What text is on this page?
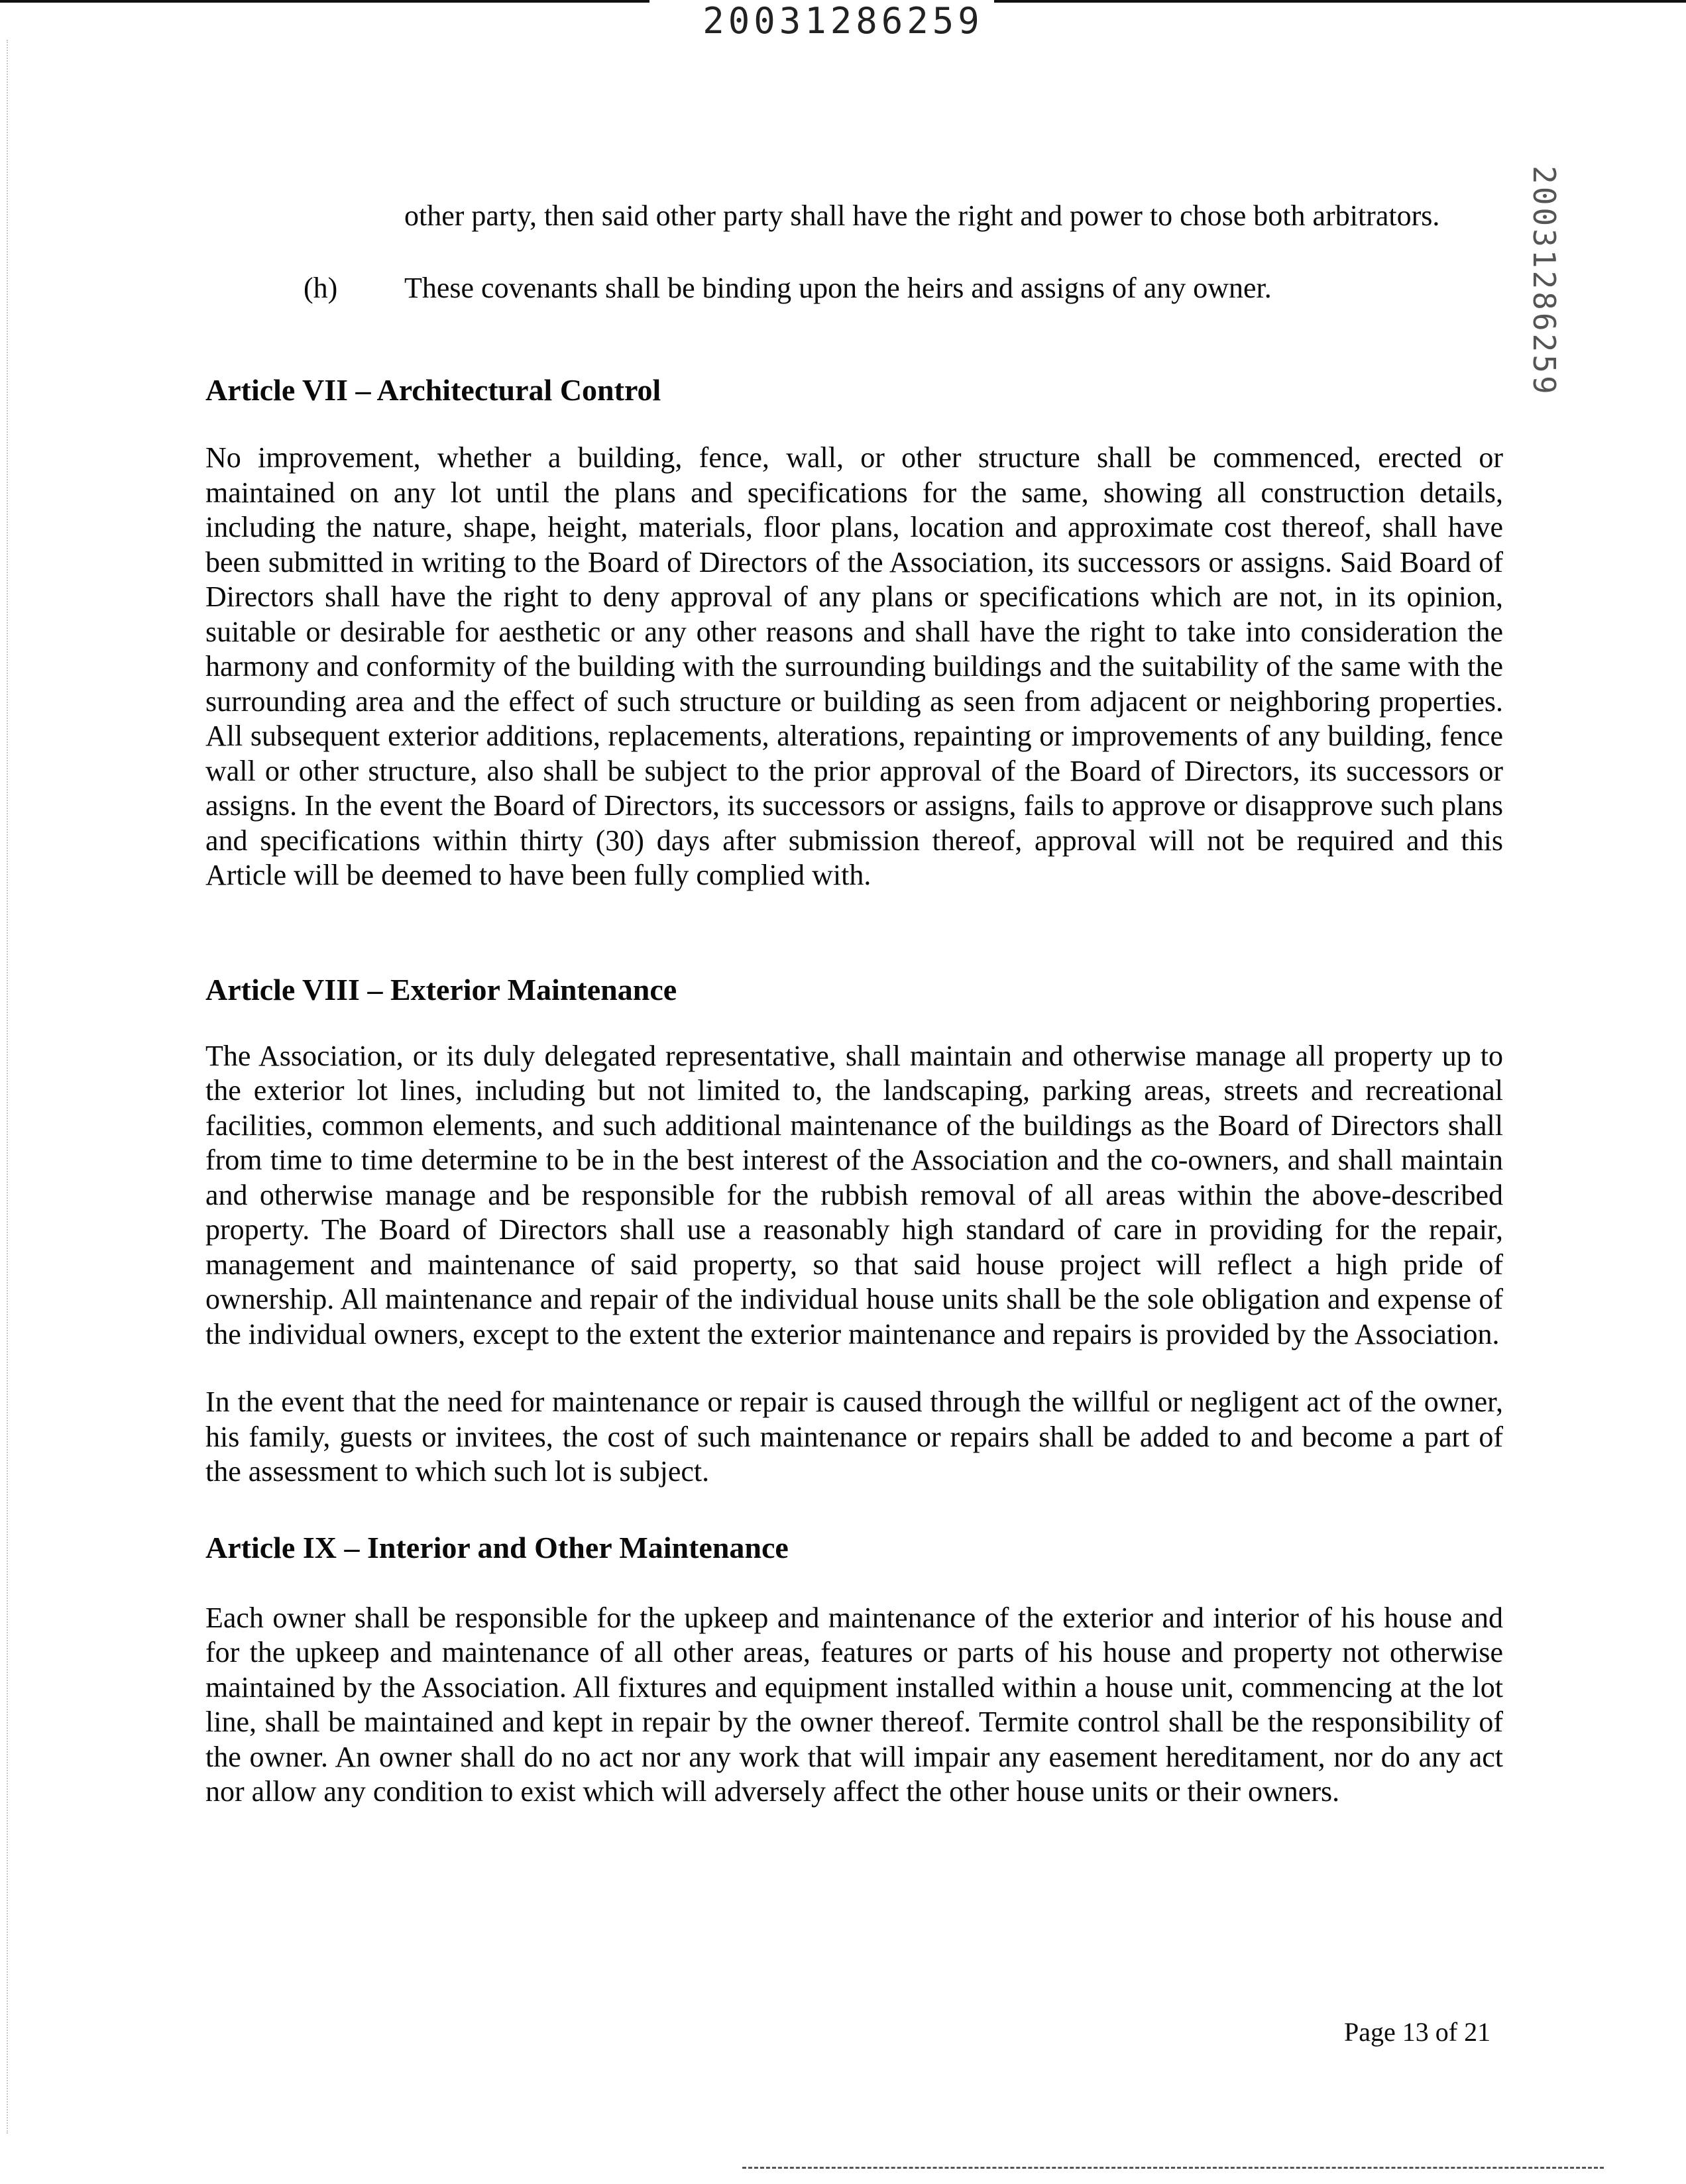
20031286259
20031286259

other party, then said other party shall have the right and power to chose both arbitrators.

(h)	These covenants shall be binding upon the heirs and assigns of any owner.
Article VII – Architectural Control

No improvement, whether a building, fence, wall, or other structure shall be commenced, erected or maintained on any lot until the plans and specifications for the same, showing all construction details, including the nature, shape, height, materials, floor plans, location and approximate cost thereof, shall have been submitted in writing to the Board of Directors of the Association, its successors or assigns. Said Board of Directors shall have the right to deny approval of any plans or specifications which are not, in its opinion, suitable or desirable for aesthetic or any other reasons and shall have the right to take into consideration the harmony and conformity of the building with the surrounding buildings and the suitability of the same with the surrounding area and the effect of such structure or building as seen from adjacent or neighboring properties. All subsequent exterior additions, replacements, alterations, repainting or improvements of any building, fence wall or other structure, also shall be subject to the prior approval of the Board of Directors, its successors or assigns. In the event the Board of Directors, its successors or assigns, fails to approve or disapprove such plans and specifications within thirty (30) days after submission thereof, approval will not be required and this Article will be deemed to have been fully complied with.

Article VIII – Exterior Maintenance

The Association, or its duly delegated representative, shall maintain and otherwise manage all property up to the exterior lot lines, including but not limited to, the landscaping, parking areas, streets and recreational facilities, common elements, and such additional maintenance of the buildings as the Board of Directors shall from time to time determine to be in the best interest of the Association and the co-owners, and shall maintain and otherwise manage and be responsible for the rubbish removal of all areas within the above-described property. The Board of Directors shall use a reasonably high standard of care in providing for the repair, management and maintenance of said property, so that said house project will reflect a high pride of ownership. All maintenance and repair of the individual house units shall be the sole obligation and expense of the individual owners, except to the extent the exterior maintenance and repairs is provided by the Association.

In the event that the need for maintenance or repair is caused through the willful or negligent act of the owner, his family, guests or invitees, the cost of such maintenance or repairs shall be added to and become a part of the assessment to which such lot is subject.

Article IX – Interior and Other Maintenance

Each owner shall be responsible for the upkeep and maintenance of the exterior and interior of his house and for the upkeep and maintenance of all other areas, features or parts of his house and property not otherwise maintained by the Association. All fixtures and equipment installed within a house unit, commencing at the lot line, shall be maintained and kept in repair by the owner thereof. Termite control shall be the responsibility of the owner. An owner shall do no act nor any work that will impair any easement hereditament, nor do any act nor allow any condition to exist which will adversely affect the other house units or their owners.

Page 13 of 21
